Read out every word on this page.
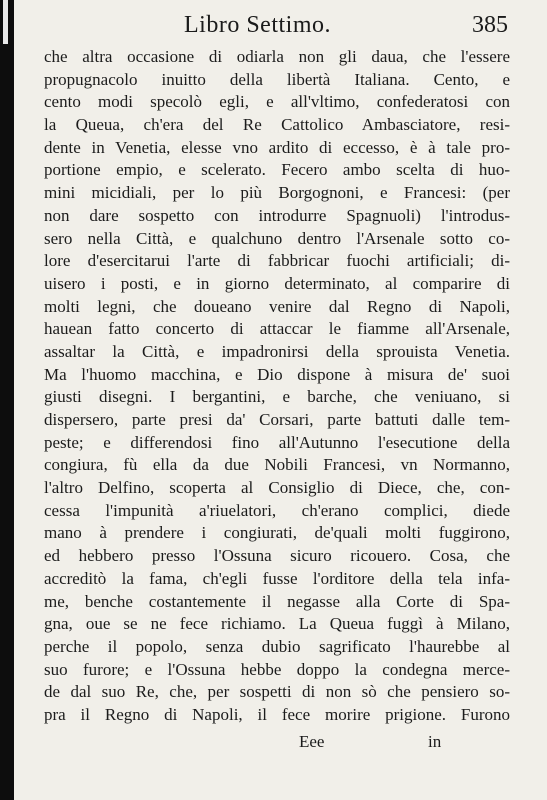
Libro Settimo.	385
che altra occasione di odiarla non gli daua, che l'essere
propugnacolo inuitto della libertà Italiana. Cento, e
cento modi specolò egli, e all'vltimo, confederatosi con
la Queua, ch'era del Re Cattolico Ambasciatore, resi-
dente in Venetia, elesse vno ardito di eccesso, è à tale pro-
portione empio, e scelerato. Fecero ambo scelta di huo-
mini micidiali, per lo più Borgognoni, e Francesi: (per
non dare sospetto con introdurre Spagnuoli) l'introdus-
sero nella Città, e qualchuno dentro l'Arsenale sotto co-
lore d'esercitarui l'arte di fabbricar fuochi artificiali; di-
uisero i posti, e in giorno determinato, al comparire di
molti legni, che doueano venire dal Regno di Napoli,
hauean fatto concerto di attaccar le fiamme all'Arsenale,
assaltar la Città, e impadronirsi della sprouista Venetia.
Ma l'huomo macchina, e Dio dispone à misura de' suoi
giusti disegni. I bergantini, e barche, che veniuano, si
dispersero, parte presi da' Corsari, parte battuti dalle tem-
peste; e differendosi fino all'Autunno l'esecutione della
congiura, fù ella da due Nobili Francesi, vn Normanno,
l'altro Delfino, scoperta al Consiglio di Diece, che, con-
cessa l'impunità a'riuelatori, ch'erano complici, diede
mano à prendere i congiurati, de'quali molti fuggirono,
ed hebbero presso l'Ossuna sicuro ricouero. Cosa, che
accreditò la fama, ch'egli fusse l'orditore della tela infa-
me, benche costantemente il negasse alla Corte di Spa-
gna, oue se ne fece richiamo. La Queua fuggì à Milano,
perche il popolo, senza dubio sagrificato l'haurebbe al
suo furore; e l'Ossuna hebbe doppo la condegna merce-
de dal suo Re, che, per sospetti di non sò che pensiero so-
pra il Regno di Napoli, il fece morire prigione. Furono
Eee	in
